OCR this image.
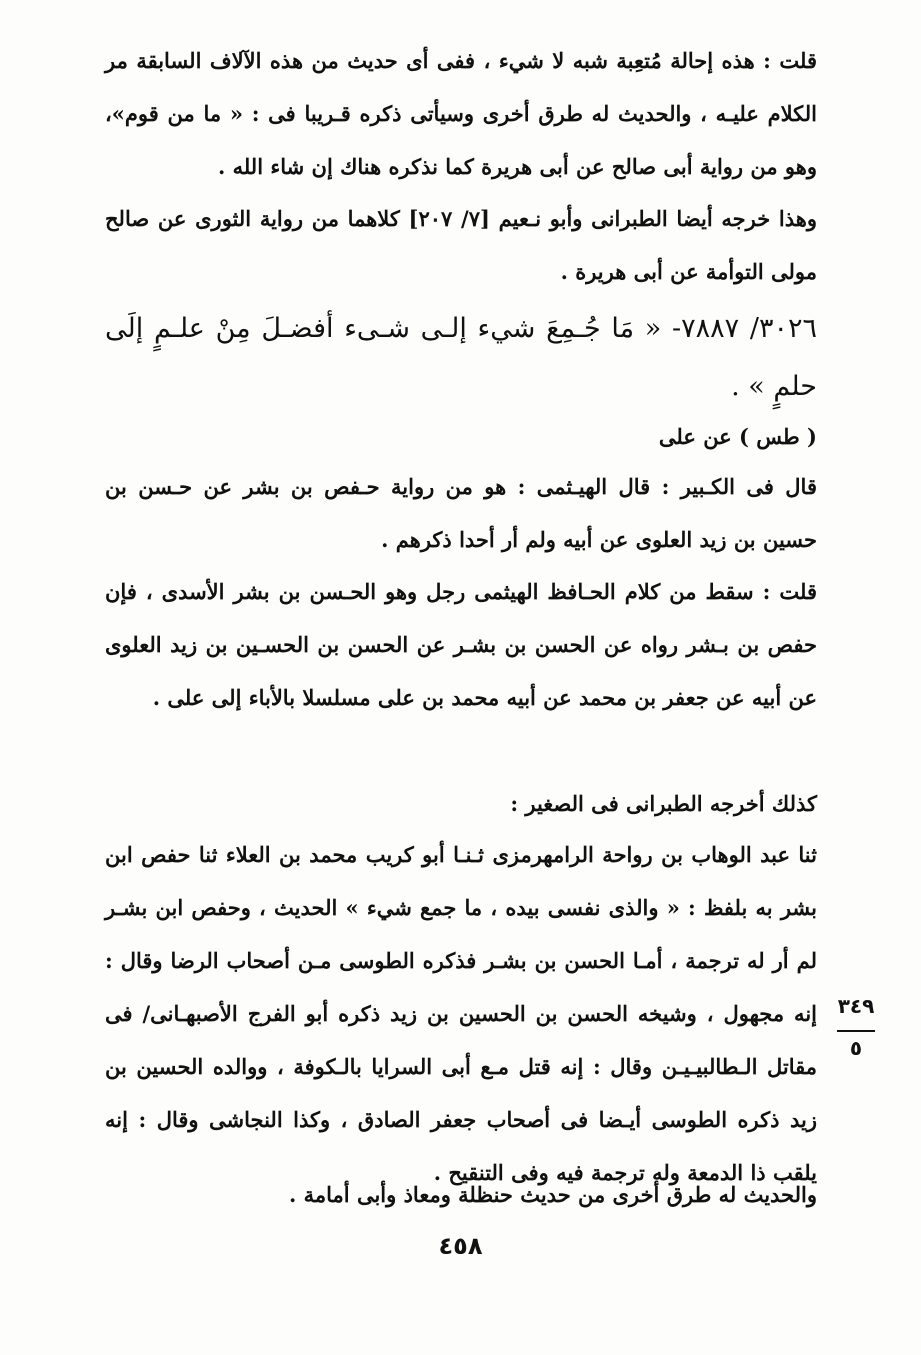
قلت : هذه إحالة مُتعِبة شبه لا شيء ، ففى أى حديث من هذه الآلاف السابقة مر الكلام عليـه ، والحديث له طرق أخرى وسيأتى ذكره قـريبا فى : « ما من قوم»، وهو من رواية أبى صالح عن أبى هريرة كما نذكره هناك إن شاء الله .

وهذا خرجه أيضا الطبرانى وأبو نـعيم [٧/ ٢٠٧] كلاهما من رواية الثورى عن صالح مولى التوأمة عن أبى هريرة .

٣٠٢٦/ ٧٨٨٧- « مَا جُـمِعَ شيء إلـى شـىء أفضـلَ مِنْ علـمٍ إلَى حلمٍ » .

( طس ) عن على

قال فى الكـبير : قال الهيـثمى : هو من رواية حـفص بن بشر عن حـسن بن حسين بن زيد العلوى عن أبيه ولم أر أحدا ذكرهم .

قلت : سقط من كلام الحـافظ الهيثمى رجل وهو الحـسن بن بشر الأسدى ، فإن حفص بن بـشر رواه عن الحسن بن بشـر عن الحسن بن الحسـين بن زيد العلوى عن أبيه عن جعفر بن محمد عن أبيه محمد بن على مسلسلا بالأباء إلى على .

كذلك أخرجه الطبرانى فى الصغير :

ثنا عبد الوهاب بن رواحة الرامهرمزى ثـنـا أبو كريب محمد بن العلاء ثنا حفص ابن بشر به بلفظ : « والذى نفسى بيده ، ما جمع شيء » الحديث ، وحفص ابن بشـر لم أر له ترجمة ، أمـا الحسن بن بشـر فذكره الطوسى مـن أصحاب الرضا وقال : إنه مجهول ، وشيخه الحسن بن الحسين بن زيد ذكره أبو الفرج الأصبهـانى/ فى مقاتل الـطالبيـيـن وقال : إنه قتل مـع أبى السرايا بالـكوفة ، ووالده الحسين بن زيد ذكره الطوسى أيـضا فى أصحاب جعفر الصادق ، وكذا النجاشى وقال : إنه يلقب ذا الدمعة وله ترجمة فيه وفى التنقيح .

والحديث له طرق أخرى من حديث حنظلة ومعاذ وأبى أمامة .

٣٤٩
٥
٤٥٨
